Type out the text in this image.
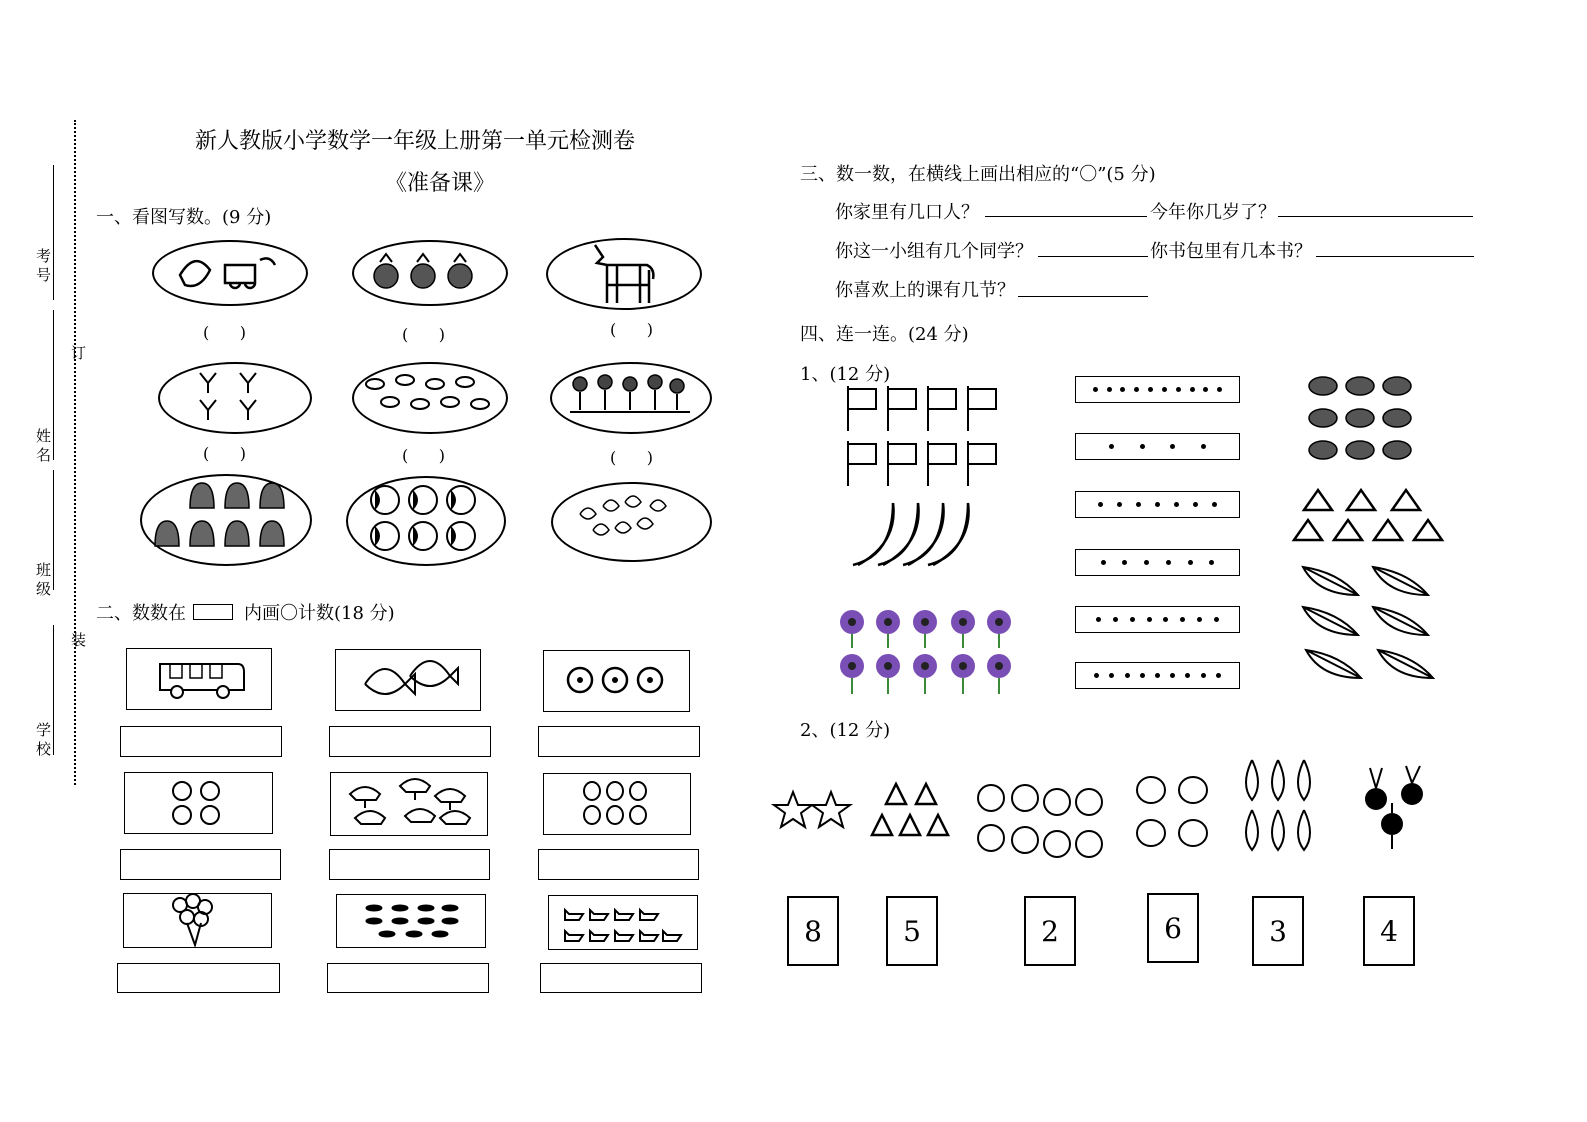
订
装
考号
姓名
班级
学校
新人教版小学数学一年级上册第一单元检测卷
《准备课》
一、看图写数。(9 分)
(      )	(      )	(      )
(      )	(      )	(      )
二、数数在	内画〇计数(18 分)
三、数一数，在横线上画出相应的“〇”(5 分)
你家里有几口人？	今年你几岁了？
你这一小组有几个同学？	你书包里有几本书？
你喜欢上的课有几节？
四、连一连。(24 分)
1、(12 分)
2、(12 分)
8	5	2	6	3	4
